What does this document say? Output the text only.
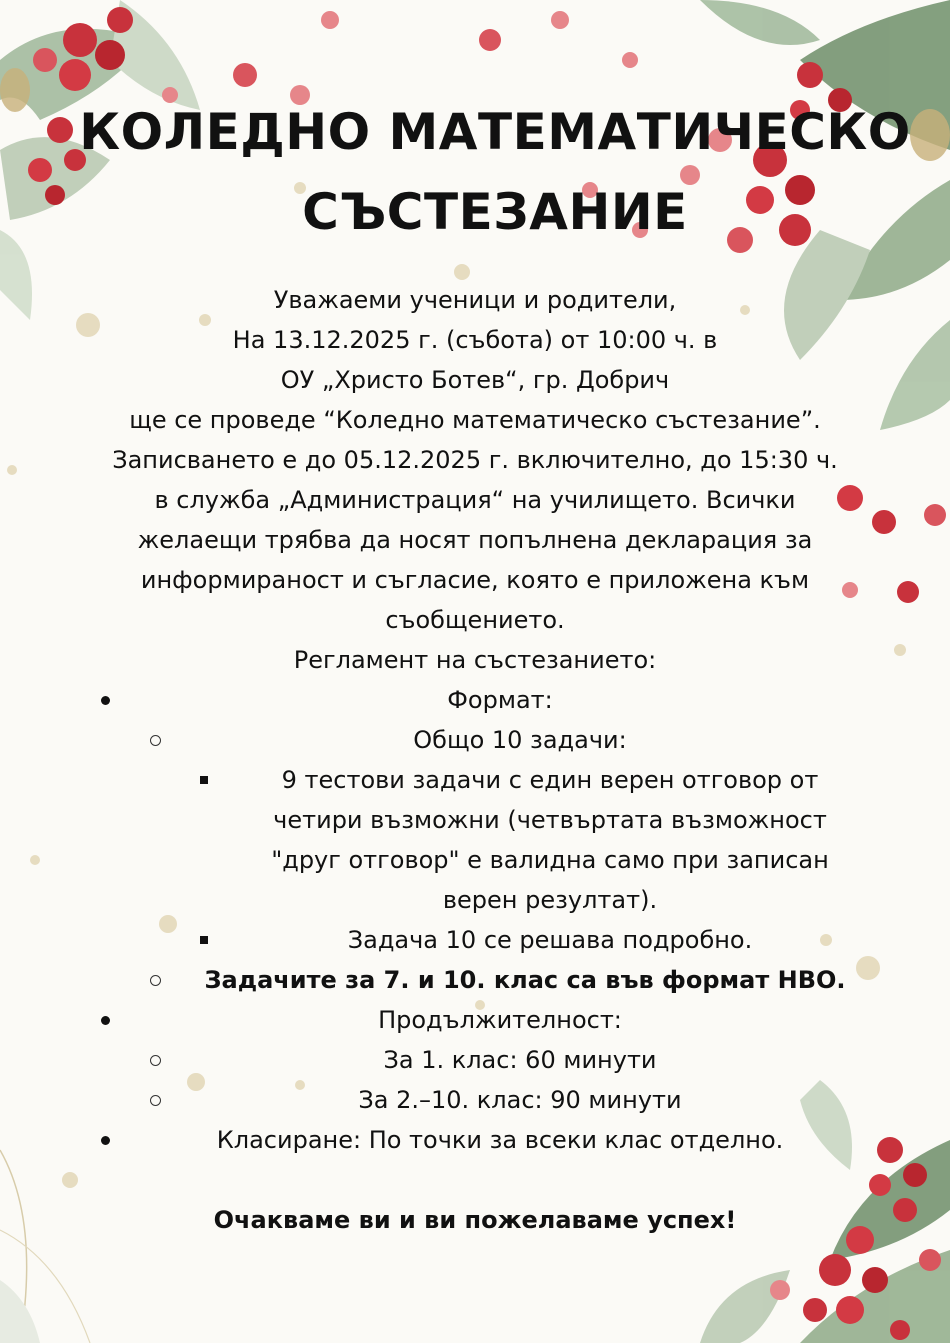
КОЛЕДНО МАТЕМАТИЧЕСКО
СЪСТЕЗАНИЕ
Уважаеми ученици и родители,
На 13.12.2025 г. (събота) от 10:00 ч. в
ОУ „Христо Ботев“, гр. Добрич
ще се проведе “Коледно математическо състезание”.
Записването е до 05.12.2025 г. включително, до 15:30 ч.
в служба „Администрация“ на училището. Всички
желаещи трябва да носят попълнена декларация за
информираност и съгласие, която е приложена към
съобщението.
Регламент на състезанието:
Формат:
Общо 10 задачи:
9 тестови задачи с един верен отговор от
четири възможни (четвъртата възможност
"друг отговор" е валидна само при записан
верен резултат).
Задача 10 се решава подробно.
Задачите за 7. и 10. клас са във формат НВО.
Продължителност:
За 1. клас: 60 минути
За 2.–10. клас: 90 минути
Класиране: По точки за всеки клас отделно.
Очакваме ви и ви пожелаваме успех!
